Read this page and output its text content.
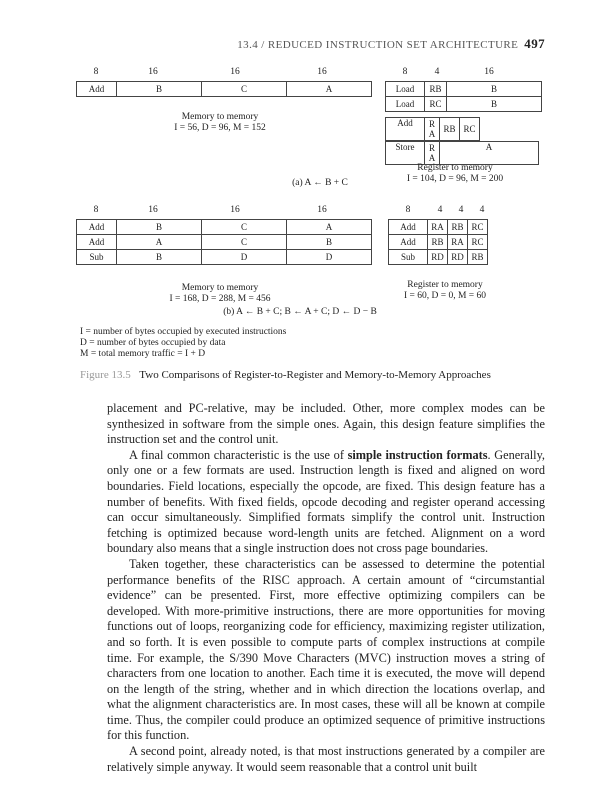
13.4 / REDUCED INSTRUCTION SET ARCHITECTURE 497
8	16	16	16
Add	B	C	A
Memory to memory
I = 56, D = 96, M = 152
8	4	16
Load	RB	B
Load	RC	B
Add	R A	RB	RC
Store	R A	A
Register to memory
I = 104, D = 96, M = 200
(a) A ← B + C
8	16	16	16
Add	B	C	A
Add	A	C	B
Sub	B	D	D
Memory to memory
I = 168, D = 288, M = 456
8	4	4	4
Add	RA	RB	RC
Add	RB	RA	RC
Sub	RD	RD	RB
Register to memory
I = 60, D = 0, M = 60
(b) A ← B + C; B ← A + C; D ← D − B
I = number of bytes occupied by executed instructions
D = number of bytes occupied by data
M = total memory traffic = I + D
Figure 13.5 Two Comparisons of Register-to-Register and Memory-to-Memory Approaches

placement and PC-relative, may be included. Other, more complex modes can be synthesized in software from the simple ones. Again, this design feature simplifies the instruction set and the control unit.

A final common characteristic is the use of simple instruction formats. Generally, only one or a few formats are used. Instruction length is fixed and aligned on word boundaries. Field locations, especially the opcode, are fixed. This design feature has a number of benefits. With fixed fields, opcode decoding and register operand accessing can occur simultaneously. Simplified formats simplify the control unit. Instruction fetching is optimized because word-length units are fetched. Alignment on a word boundary also means that a single instruction does not cross page boundaries.

Taken together, these characteristics can be assessed to determine the potential performance benefits of the RISC approach. A certain amount of “circumstantial evidence” can be presented. First, more effective optimizing compilers can be developed. With more-primitive instructions, there are more opportunities for moving functions out of loops, reorganizing code for efficiency, maximizing register utilization, and so forth. It is even possible to compute parts of complex instructions at compile time. For example, the S/390 Move Characters (MVC) instruction moves a string of characters from one location to another. Each time it is executed, the move will depend on the length of the string, whether and in which direction the locations overlap, and what the alignment characteristics are. In most cases, these will all be known at compile time. Thus, the compiler could produce an optimized sequence of primitive instructions for this function.

A second point, already noted, is that most instructions generated by a compiler are relatively simple anyway. It would seem reasonable that a control unit built
